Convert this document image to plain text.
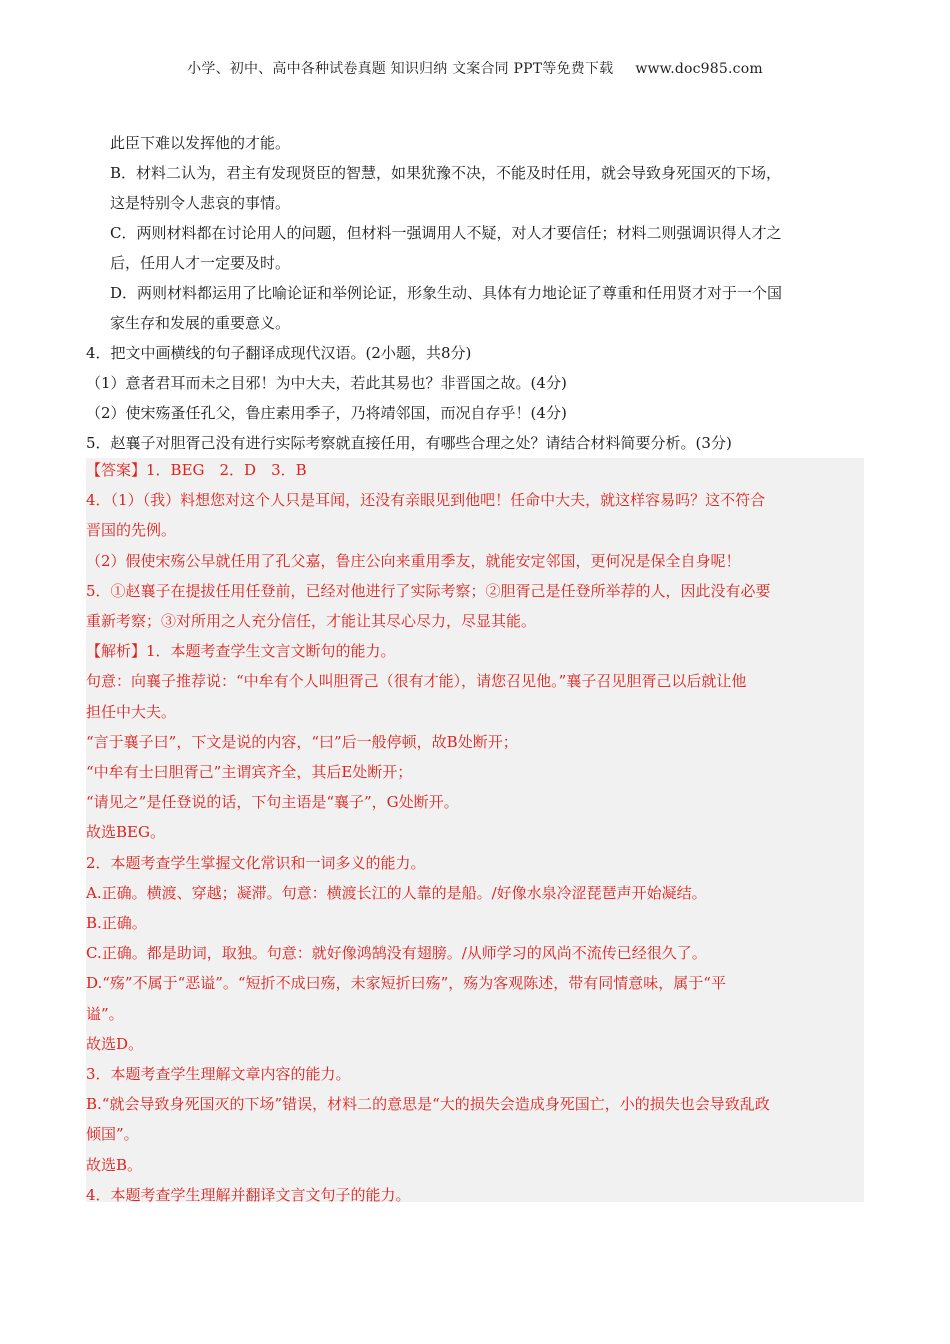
小学、初中、高中各种试卷真题 知识归纳 文案合同 PPT等免费下载 www.doc985.com
此臣下难以发挥他的才能。
B．材料二认为，君主有发现贤臣的智慧，如果犹豫不决，不能及时任用，就会导致身死国灭的下场，
这是特别令人悲哀的事情。
C．两则材料都在讨论用人的问题，但材料一强调用人不疑，对人才要信任；材料二则强调识得人才之
后，任用人才一定要及时。
D．两则材料都运用了比喻论证和举例论证，形象生动、具体有力地论证了尊重和任用贤才对于一个国
家生存和发展的重要意义。
4．把文中画横线的句子翻译成现代汉语。(2小题，共8分)
（1）意者君耳而未之目邪！为中大夫，若此其易也？非晋国之故。(4分)
（2）使宋殇蚤任孔父，鲁庄素用季子，乃将靖邻国，而况自存乎！(4分)
5．赵襄子对胆胥己没有进行实际考察就直接任用，有哪些合理之处？请结合材料简要分析。(3分)
【答案】1．BEG　2．D　3．B
4．（1）（我）料想您对这个人只是耳闻，还没有亲眼见到他吧！任命中大夫，就这样容易吗？这不符合
晋国的先例。
（2）假使宋殇公早就任用了孔父嘉，鲁庄公向来重用季友，就能安定邻国，更何况是保全自身呢！
5．①赵襄子在提拔任用任登前，已经对他进行了实际考察；②胆胥己是任登所举荐的人，因此没有必要
重新考察；③对所用之人充分信任，才能让其尽心尽力，尽显其能。
【解析】1．本题考查学生文言文断句的能力。
句意：向襄子推荐说：“中牟有个人叫胆胥己（很有才能），请您召见他。”襄子召见胆胥己以后就让他
担任中大夫。
“言于襄子曰”，下文是说的内容，“曰”后一般停顿，故B处断开；
“中牟有士曰胆胥己”主谓宾齐全，其后E处断开；
“请见之”是任登说的话，下句主语是“襄子”，G处断开。
故选BEG。
2．本题考查学生掌握文化常识和一词多义的能力。
A.正确。横渡、穿越；凝滞。句意：横渡长江的人靠的是船。/好像水泉冷涩琵琶声开始凝结。
B.正确。
C.正确。都是助词，取独。句意：就好像鸿鹄没有翅膀。/从师学习的风尚不流传已经很久了。
D.“殇”不属于“恶谥”。“短折不成曰殇，未家短折曰殇”，殇为客观陈述，带有同情意味，属于“平
谥”。
故选D。
3．本题考查学生理解文章内容的能力。
B.“就会导致身死国灭的下场”错误，材料二的意思是“大的损失会造成身死国亡，小的损失也会导致乱政
倾国”。
故选B。
4．本题考查学生理解并翻译文言文句子的能力。
